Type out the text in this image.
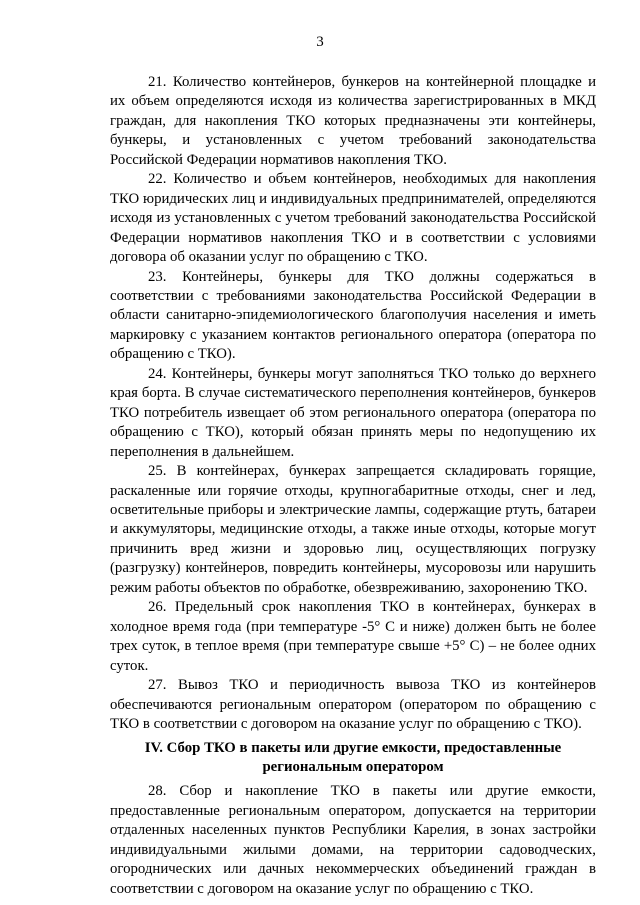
3

21. Количество контейнеров, бункеров на контейнерной площадке и их объем определяются исходя из количества зарегистрированных в МКД граждан, для накопления ТКО которых предназначены эти контейнеры, бункеры, и установленных с учетом требований законодательства Российской Федерации нормативов накопления ТКО.

22. Количество и объем контейнеров, необходимых для накопления ТКО юридических лиц и индивидуальных предпринимателей, определяются исходя из установленных с учетом требований законодательства Российской Федерации нормативов накопления ТКО и в соответствии с условиями договора об оказании услуг по обращению с ТКО.

23. Контейнеры, бункеры для ТКО должны содержаться в соответствии с требованиями законодательства Российской Федерации в области санитарно-эпидемиологического благополучия населения и иметь маркировку с указанием контактов регионального оператора (оператора по обращению с ТКО).

24. Контейнеры, бункеры могут заполняться ТКО только до верхнего края борта. В случае систематического переполнения контейнеров, бункеров ТКО потребитель извещает об этом регионального оператора (оператора по обращению с ТКО), который обязан принять меры по недопущению их переполнения в дальнейшем.

25. В контейнерах, бункерах запрещается складировать горящие, раскаленные или горячие отходы, крупногабаритные отходы, снег и лед, осветительные приборы и электрические лампы, содержащие ртуть, батареи и аккумуляторы, медицинские отходы, а также иные отходы, которые могут причинить вред жизни и здоровью лиц, осуществляющих погрузку (разгрузку) контейнеров, повредить контейнеры, мусоровозы или нарушить режим работы объектов по обработке, обезвреживанию, захоронению ТКО.

26. Предельный срок накопления ТКО в контейнерах, бункерах в холодное время года (при температуре -5° С и ниже) должен быть не более трех суток, в теплое время (при температуре свыше +5° С) – не более одних суток.

27. Вывоз ТКО и периодичность вывоза ТКО из контейнеров обеспечиваются региональным оператором (оператором по обращению с ТКО в соответствии с договором на оказание услуг по обращению с ТКО).

IV. Сбор ТКО в пакеты или другие емкости, предоставленные
региональным оператором

28. Сбор и накопление ТКО в пакеты или другие емкости, предоставленные региональным оператором, допускается на территории отдаленных населенных пунктов Республики Карелия, в зонах застройки индивидуальными жилыми домами, на территории садоводческих, огороднических или дачных некоммерческих объединений граждан в соответствии с договором на оказание услуг по обращению с ТКО.
